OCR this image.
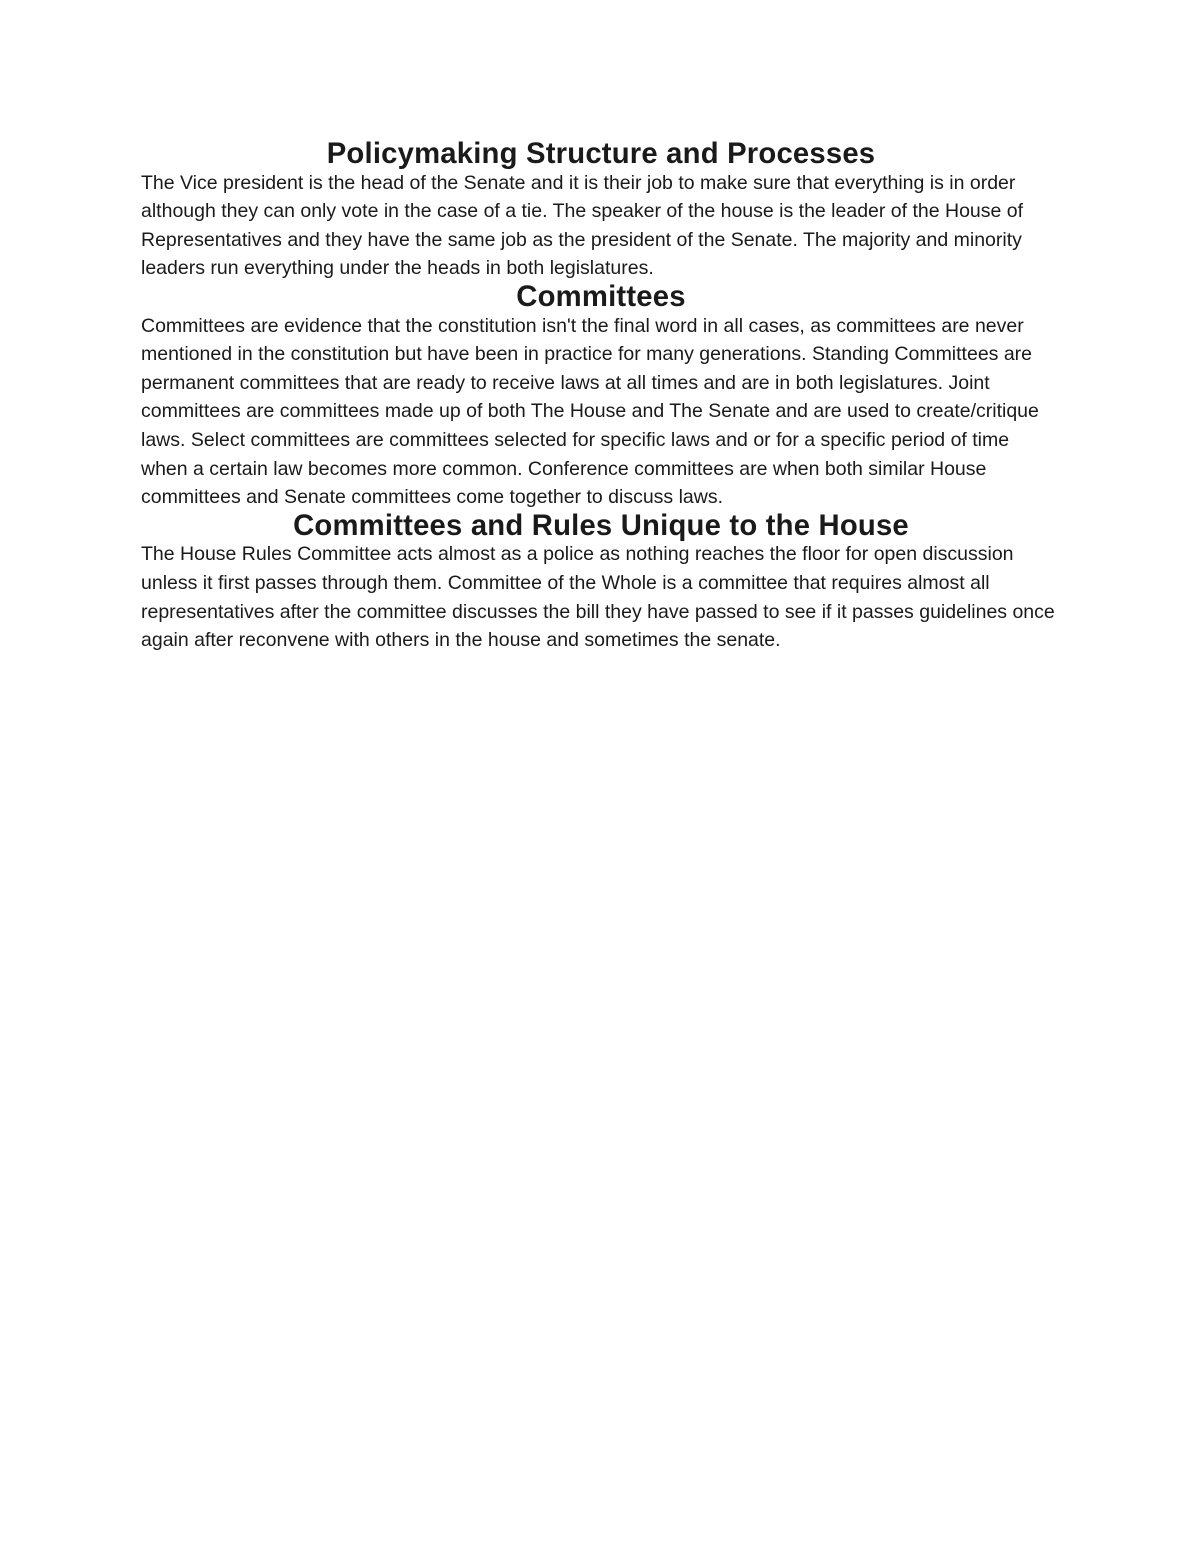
Policymaking Structure and Processes

The Vice president is the head of the Senate and it is their job to make sure that everything is in order although they can only vote in the case of a tie. The speaker of the house is the leader of the House of Representatives and they have the same job as the president of the Senate. The majority and minority leaders run everything under the heads in both legislatures.

Committees

Committees are evidence that the constitution isn't the final word in all cases, as committees are never mentioned in the constitution but have been in practice for many generations. Standing Committees are permanent committees that are ready to receive laws at all times and are in both legislatures. Joint committees are committees made up of both The House and The Senate and are used to create/critique laws. Select committees are committees selected for specific laws and or for a specific period of time when a certain law becomes more common. Conference committees are when both similar House committees and Senate committees come together to discuss laws.

Committees and Rules Unique to the House

The House Rules Committee acts almost as a police as nothing reaches the floor for open discussion unless it first passes through them. Committee of the Whole is a committee that requires almost all representatives after the committee discusses the bill they have passed to see if it passes guidelines once again after reconvene with others in the house and sometimes the senate.
